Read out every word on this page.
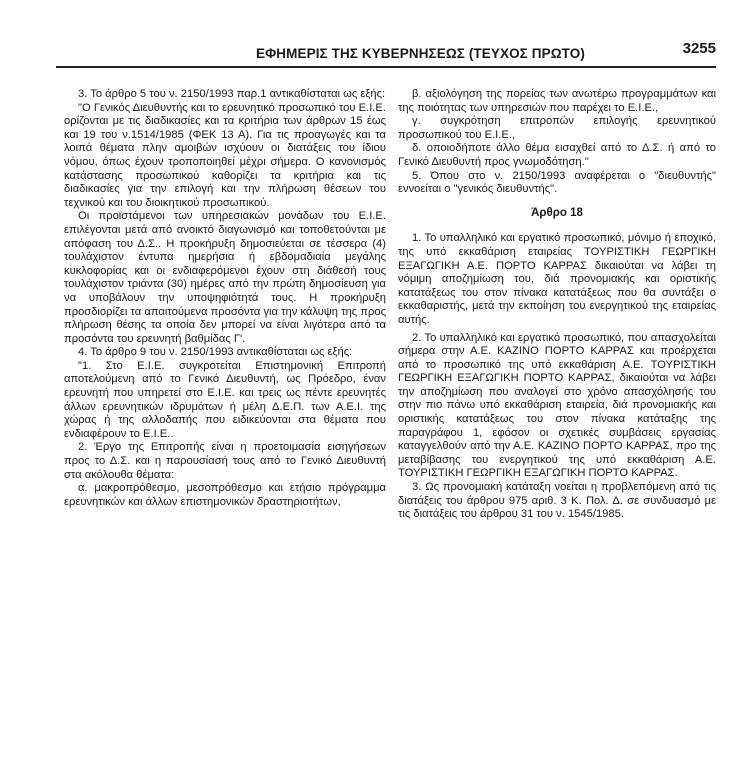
ΕΦΗΜΕΡΙΣ ΤΗΣ ΚΥΒΕΡΝΗΣΕΩΣ (ΤΕΥΧΟΣ ΠΡΩΤΟ)	3255

3. Το άρθρο 5 του ν. 2150/1993 παρ.1 αντικαθίσταται ως εξής:

"Ο Γενικός Διευθυντής και το ερευνητικό προσωπικό του Ε.Ι.Ε. ορίζονται με τις διαδικασίες και τα κριτήρια των άρθρων 15 έως και 19 του ν.1514/1985 (ΦΕΚ 13 Α). Για τις προαγωγές και τα λοιπά θέματα πλην αμοιβών ισχύουν οι διατάξεις του ίδιου νόμου, όπως έχουν τροποποιηθεί μέχρι σήμερα. Ο κανονισμός κατάστασης προσωπικού καθορίζει τα κριτήρια και τις διαδικασίες για την επιλογή και την πλήρωση θέσεων του τεχνικού και του διοικητικού προσωπικού.

Οι προϊστάμενοι των υπηρεσιακών μονάδων του Ε.Ι.Ε. επιλέγονται μετά από ανοικτό διαγωνισμό και τοποθετούνται με απόφαση του Δ.Σ.. Η προκήρυξη δημοσιεύεται σε τέσσερα (4) τουλάχιστον έντυπα ημερήσια ή εβδομαδιαία μεγάλης κυκλοφορίας και οι ενδιαφερόμενοι έχουν στη διάθεσή τους τουλάχιστον τριάντα (30) ημέρες από την πρώτη δημοσίευση για να υποβάλουν την υποψηφιότητά τους. Η προκήρυξη προσδιορίζει τα απαιτούμενα προσόντα για την κάλυψη της προς πλήρωση θέσης τα οποία δεν μπορεί να είναι λιγότερα από τα προσόντα του ερευνητή βαθμίδας Γ'.

4. Το άρθρο 9 του ν. 2150/1993 αντικαθίσταται ως εξής:

"1. Στο Ε.Ι.Ε. συγκροτείται Επιστημονική Επιτροπή αποτελούμενη από το Γενικό Διευθυντή, ως Πρόεδρο, έναν ερευνητή που υπηρετεί στο Ε.Ι.Ε. και τρεις ως πέντε ερευνητές άλλων ερευνητικών ιδρυμάτων ή μέλη Δ.Ε.Π. των Α.Ε.Ι. της χώρας ή της αλλοδαπής που ειδικεύονται στα θέματα που ενδιαφέρουν το Ε.Ι.Ε..

2. Έργο της Επιτροπής είναι η προετοιμασία εισηγήσεων προς το Δ.Σ. και η παρουσίασή τους από το Γενικό Διευθυντή στα ακόλουθα θέματα:

α. μακροπρόθεσμο, μεσοπρόθεσμο και ετήσιο πρόγραμμα ερευνητικών και άλλων επιστημονικών δραστηριοτήτων,

β. αξιολόγηση της πορείας των ανωτέρω προγραμμάτων και της ποιότητας των υπηρεσιών που παρέχει το Ε.Ι.Ε.,

γ. συγκρότηση επιτροπών επιλογής ερευνητικού προσωπικού του Ε.Ι.Ε.,

δ. οποιοδήποτε άλλο θέμα εισαχθεί από το Δ.Σ. ή από το Γενικό Διευθυντή προς γνωμοδότηση."

5. Όπου στο ν. 2150/1993 αναφέρεται ο "διευθυντής" εννοείται ο "γενικός διευθυντής".

Άρθρο 18

1. Το υπαλληλικό και εργατικό προσωπικό, μόνιμο ή εποχικό, της υπό εκκαθάριση εταιρείας ΤΟΥΡΙΣΤΙΚΗ ΓΕΩΡΓΙΚΗ ΕΞΑΓΩΓΙΚΗ Α.Ε. ΠΟΡΤΟ ΚΑΡΡΑΣ δικαιούται να λάβει τη νόμιμη αποζημίωση του, διά προνομιακής και οριστικής κατατάξεως του στον πίνακα κατατάξεως που θα συντάξει ο εκκαθαριστής, μετά την εκποίηση του ενεργητικού της εταιρείας αυτής.

2. Το υπαλληλικό και εργατικό προσωπικό, που απασχολείται σήμερα στην Α.Ε. ΚΑΖΙΝΟ ΠΟΡΤΟ ΚΑΡΡΑΣ και προέρχεται από το προσωπικό της υπό εκκαθάριση Α.Ε. ΤΟΥΡΙΣΤΙΚΗ ΓΕΩΡΓΙΚΗ ΕΞΑΓΩΓΙΚΗ ΠΟΡΤΟ ΚΑΡΡΑΣ, δικαιούται να λάβει την αποζημίωση που αναλογεί στο χρόνο απασχόλησής του στην πιο πάνω υπό εκκαθάριση εταιρεία, διά προνομιακής και οριστικής κατατάξεως του στον πίνακα κατάταξης της παραγράφου 1, εφόσον οι σχετικές συμβάσεις εργασίας καταγγελθούν από την Α.Ε. ΚΑΖΙΝΟ ΠΟΡΤΟ ΚΑΡΡΑΣ, προ της μεταβίβασης του ενεργητικού της υπό εκκαθάριση Α.Ε. ΤΟΥΡΙΣΤΙΚΗ ΓΕΩΡΓΙΚΗ ΕΞΑΓΩΓΙΚΗ ΠΟΡΤΟ ΚΑΡΡΑΣ.

3. Ως προνομιακή κατάταξη νοείται η προβλεπόμενη από τις διατάξεις του άρθρου 975 αριθ. 3 Κ. Πολ. Δ. σε συνδυασμό με τις διατάξεις του άρθρου 31 του ν. 1545/1985.
